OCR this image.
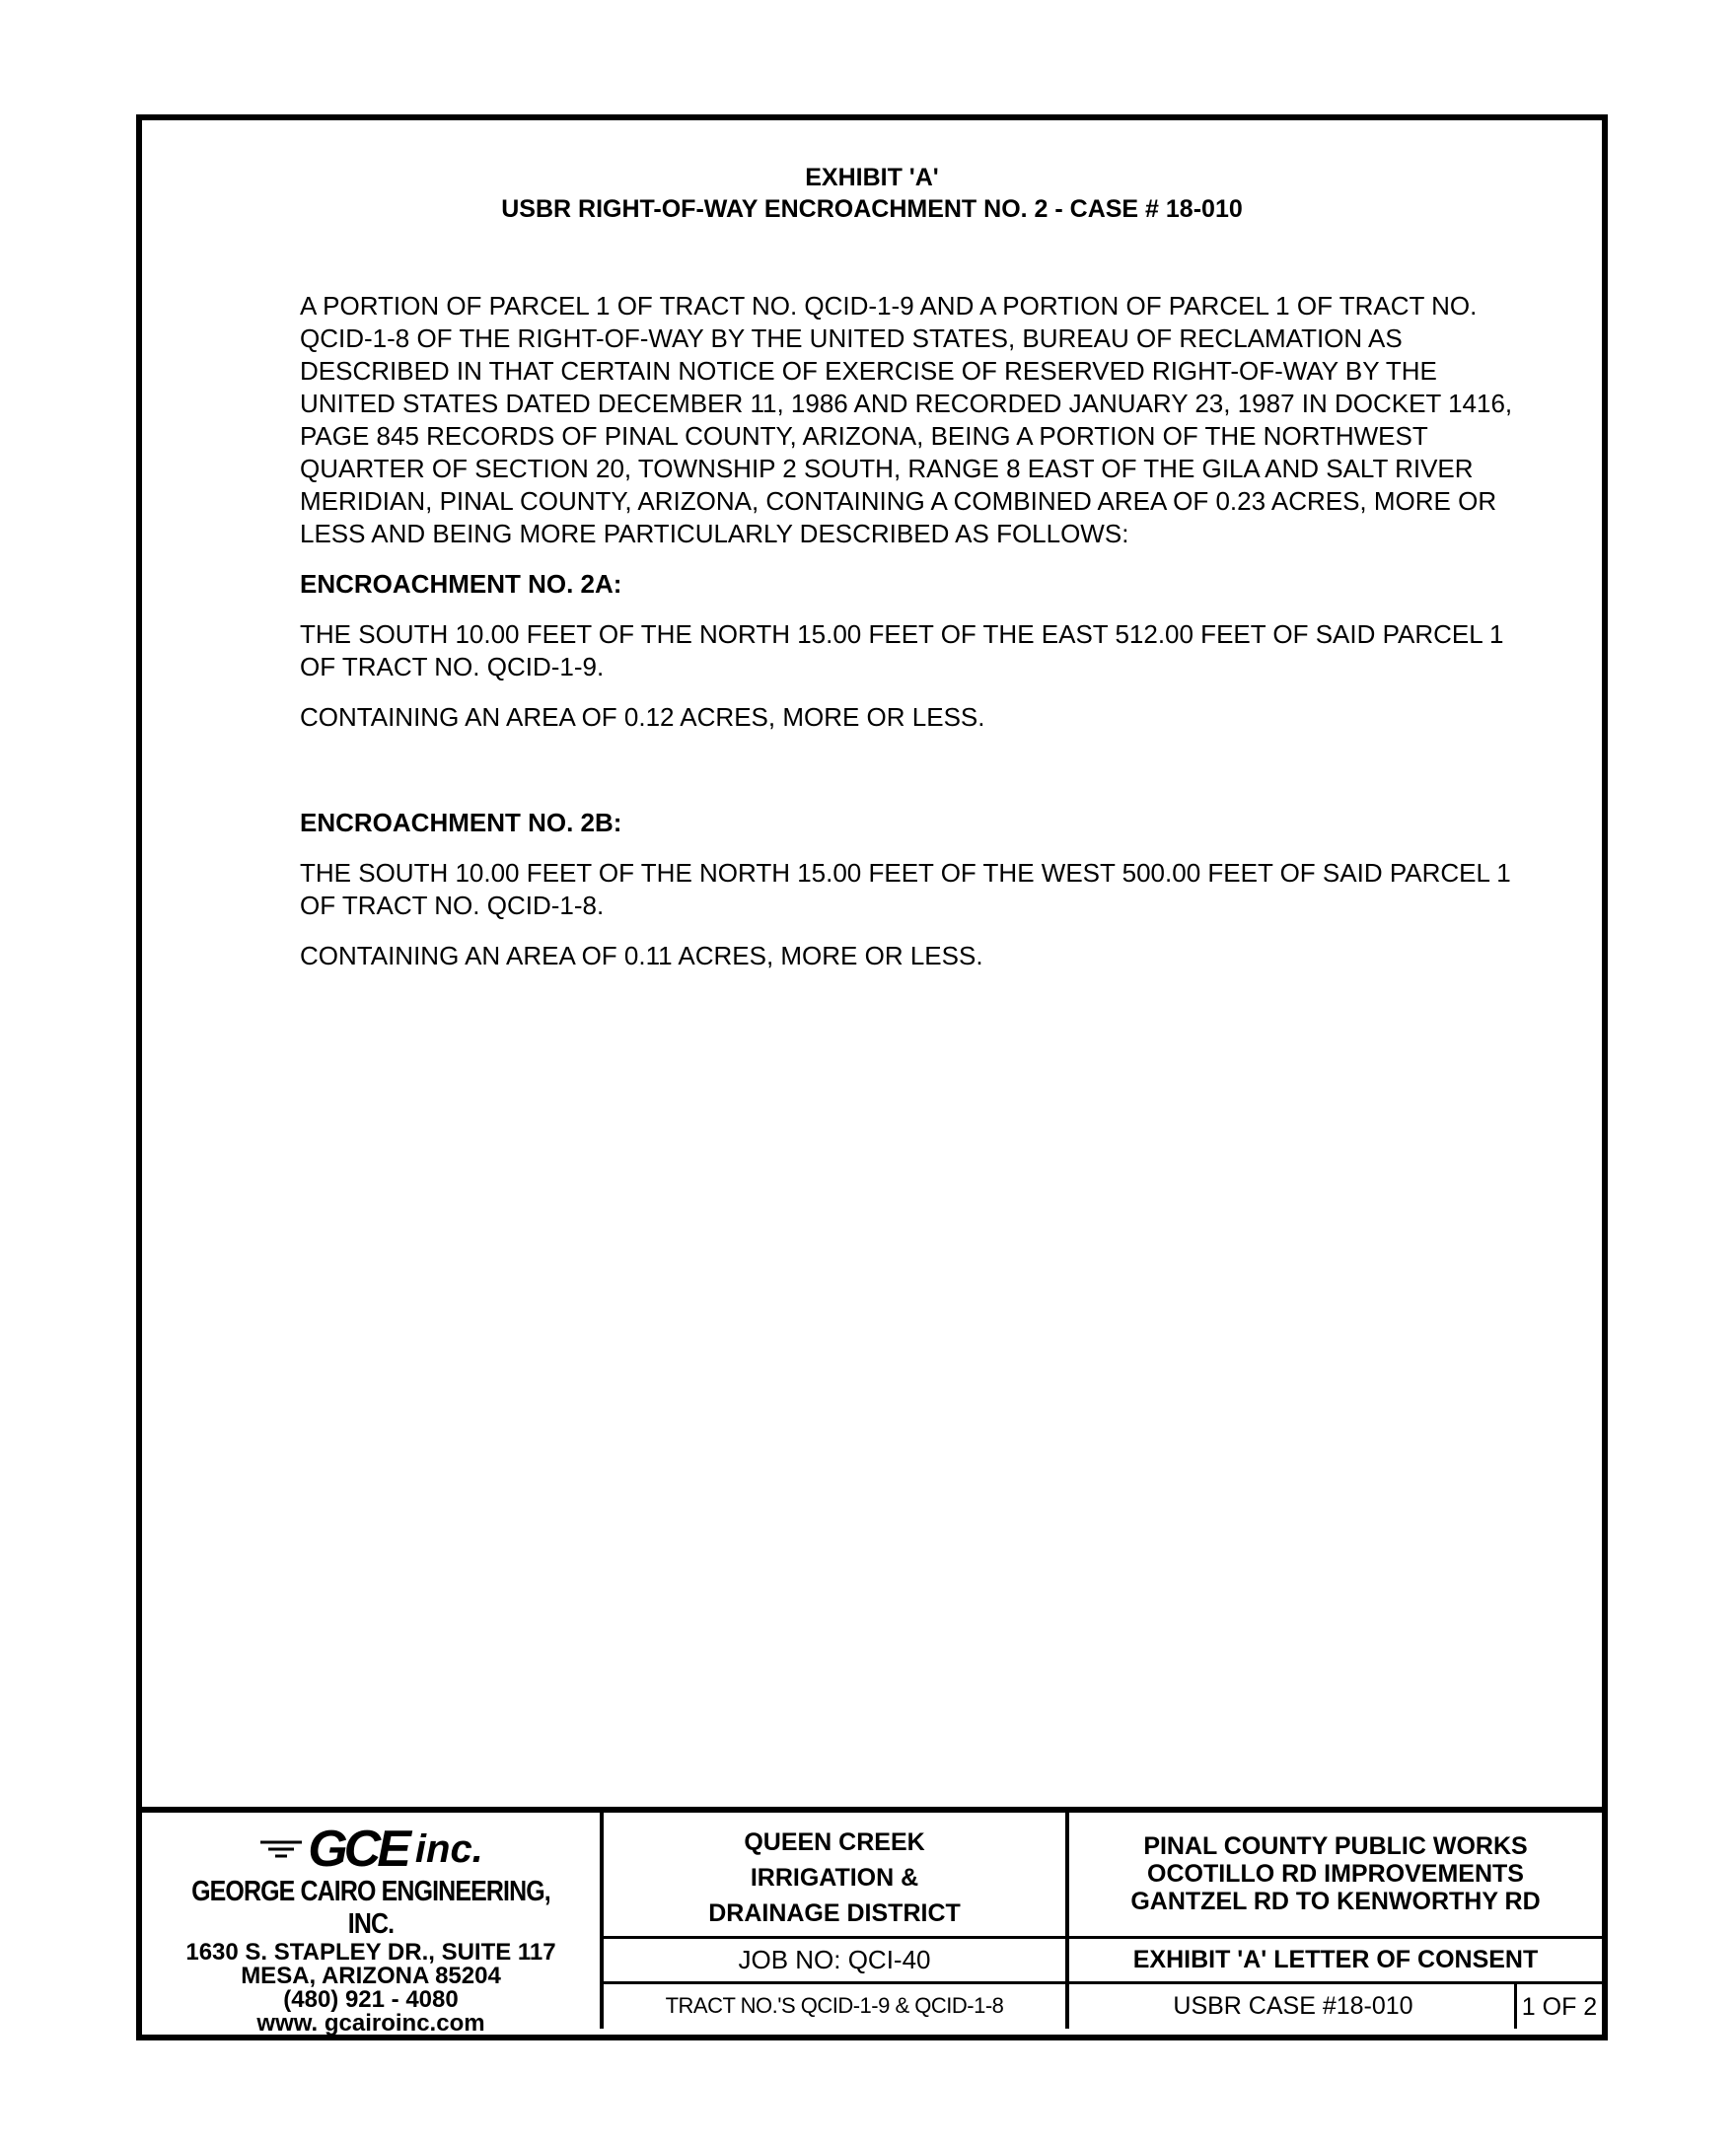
EXHIBIT 'A'
USBR RIGHT-OF-WAY ENCROACHMENT NO. 2 - CASE # 18-010

A PORTION OF PARCEL 1 OF TRACT NO. QCID-1-9 AND A PORTION OF PARCEL 1 OF TRACT NO. QCID-1-8 OF THE RIGHT-OF-WAY BY THE UNITED STATES, BUREAU OF RECLAMATION AS DESCRIBED IN THAT CERTAIN NOTICE OF EXERCISE OF RESERVED RIGHT-OF-WAY BY THE UNITED STATES DATED DECEMBER 11, 1986 AND RECORDED JANUARY 23, 1987 IN DOCKET 1416, PAGE 845 RECORDS OF PINAL COUNTY, ARIZONA, BEING A PORTION OF THE NORTHWEST QUARTER OF SECTION 20, TOWNSHIP 2 SOUTH, RANGE 8 EAST OF THE GILA AND SALT RIVER MERIDIAN, PINAL COUNTY, ARIZONA, CONTAINING A COMBINED AREA OF 0.23 ACRES, MORE OR LESS AND BEING MORE PARTICULARLY DESCRIBED AS FOLLOWS:

ENCROACHMENT NO. 2A:

THE SOUTH 10.00 FEET OF THE NORTH 15.00 FEET OF THE EAST 512.00 FEET OF SAID PARCEL 1 OF TRACT NO. QCID-1-9.

CONTAINING AN AREA OF 0.12 ACRES, MORE OR LESS.

ENCROACHMENT NO. 2B:

THE SOUTH 10.00 FEET OF THE NORTH 15.00 FEET OF THE WEST 500.00 FEET OF SAID PARCEL 1 OF TRACT NO. QCID-1-8.

CONTAINING AN AREA OF 0.11 ACRES, MORE OR LESS.

GCE inc.
GEORGE CAIRO ENGINEERING, INC.
1630 S. STAPLEY DR., SUITE 117
MESA, ARIZONA 85204
(480) 921 - 4080
www. gcairoinc.com
QUEEN CREEK
IRRIGATION &
DRAINAGE DISTRICT
JOB NO: QCI-40
TRACT NO.'S QCID-1-9 & QCID-1-8
PINAL COUNTY PUBLIC WORKS
OCOTILLO RD IMPROVEMENTS
GANTZEL RD TO KENWORTHY RD
EXHIBIT 'A' LETTER OF CONSENT
USBR CASE #18-010	1 OF 2
